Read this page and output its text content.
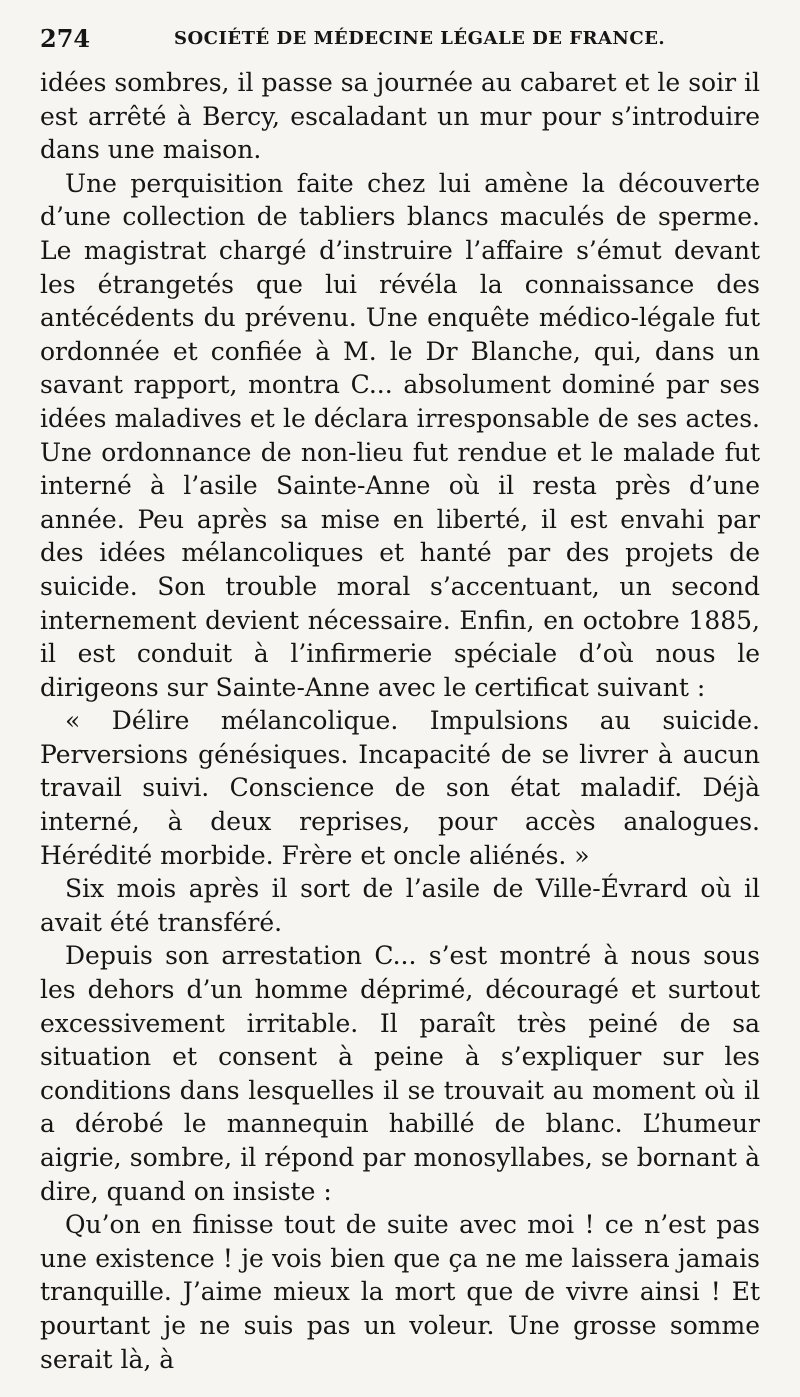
274	SOCIÉTÉ DE MÉDECINE LÉGALE DE FRANCE.

idées sombres, il passe sa journée au cabaret et le soir il est arrêté à Bercy, escaladant un mur pour s’introduire dans une maison.

Une perquisition faite chez lui amène la découverte d’une collection de tabliers blancs maculés de sperme. Le magistrat chargé d’instruire l’affaire s’émut devant les étrangetés que lui révéla la connaissance des antécédents du prévenu. Une enquête médico-légale fut ordonnée et confiée à M. le Dr Blanche, qui, dans un savant rapport, montra C... absolument dominé par ses idées maladives et le déclara irresponsable de ses actes. Une ordonnance de non-lieu fut rendue et le malade fut interné à l’asile Sainte-Anne où il resta près d’une année. Peu après sa mise en liberté, il est envahi par des idées mélancoliques et hanté par des projets de suicide. Son trouble moral s’accentuant, un second internement devient nécessaire. Enfin, en octobre 1885, il est conduit à l’infirmerie spéciale d’où nous le dirigeons sur Sainte-Anne avec le certificat suivant :

« Délire mélancolique. Impulsions au suicide. Perversions génésiques. Incapacité de se livrer à aucun travail suivi. Conscience de son état maladif. Déjà interné, à deux reprises, pour accès analogues. Hérédité morbide. Frère et oncle aliénés. »

Six mois après il sort de l’asile de Ville-Évrard où il avait été transféré.

Depuis son arrestation C... s’est montré à nous sous les dehors d’un homme déprimé, découragé et surtout excessivement irritable. Il paraît très peiné de sa situation et consent à peine à s’expliquer sur les conditions dans lesquelles il se trouvait au moment où il a dérobé le mannequin habillé de blanc. L’humeur aigrie, sombre, il répond par monosyllabes, se bornant à dire, quand on insiste :

Qu’on en finisse tout de suite avec moi ! ce n’est pas une existence ! je vois bien que ça ne me laissera jamais tranquille. J’aime mieux la mort que de vivre ainsi ! Et pourtant je ne suis pas un voleur. Une grosse somme serait là, à
